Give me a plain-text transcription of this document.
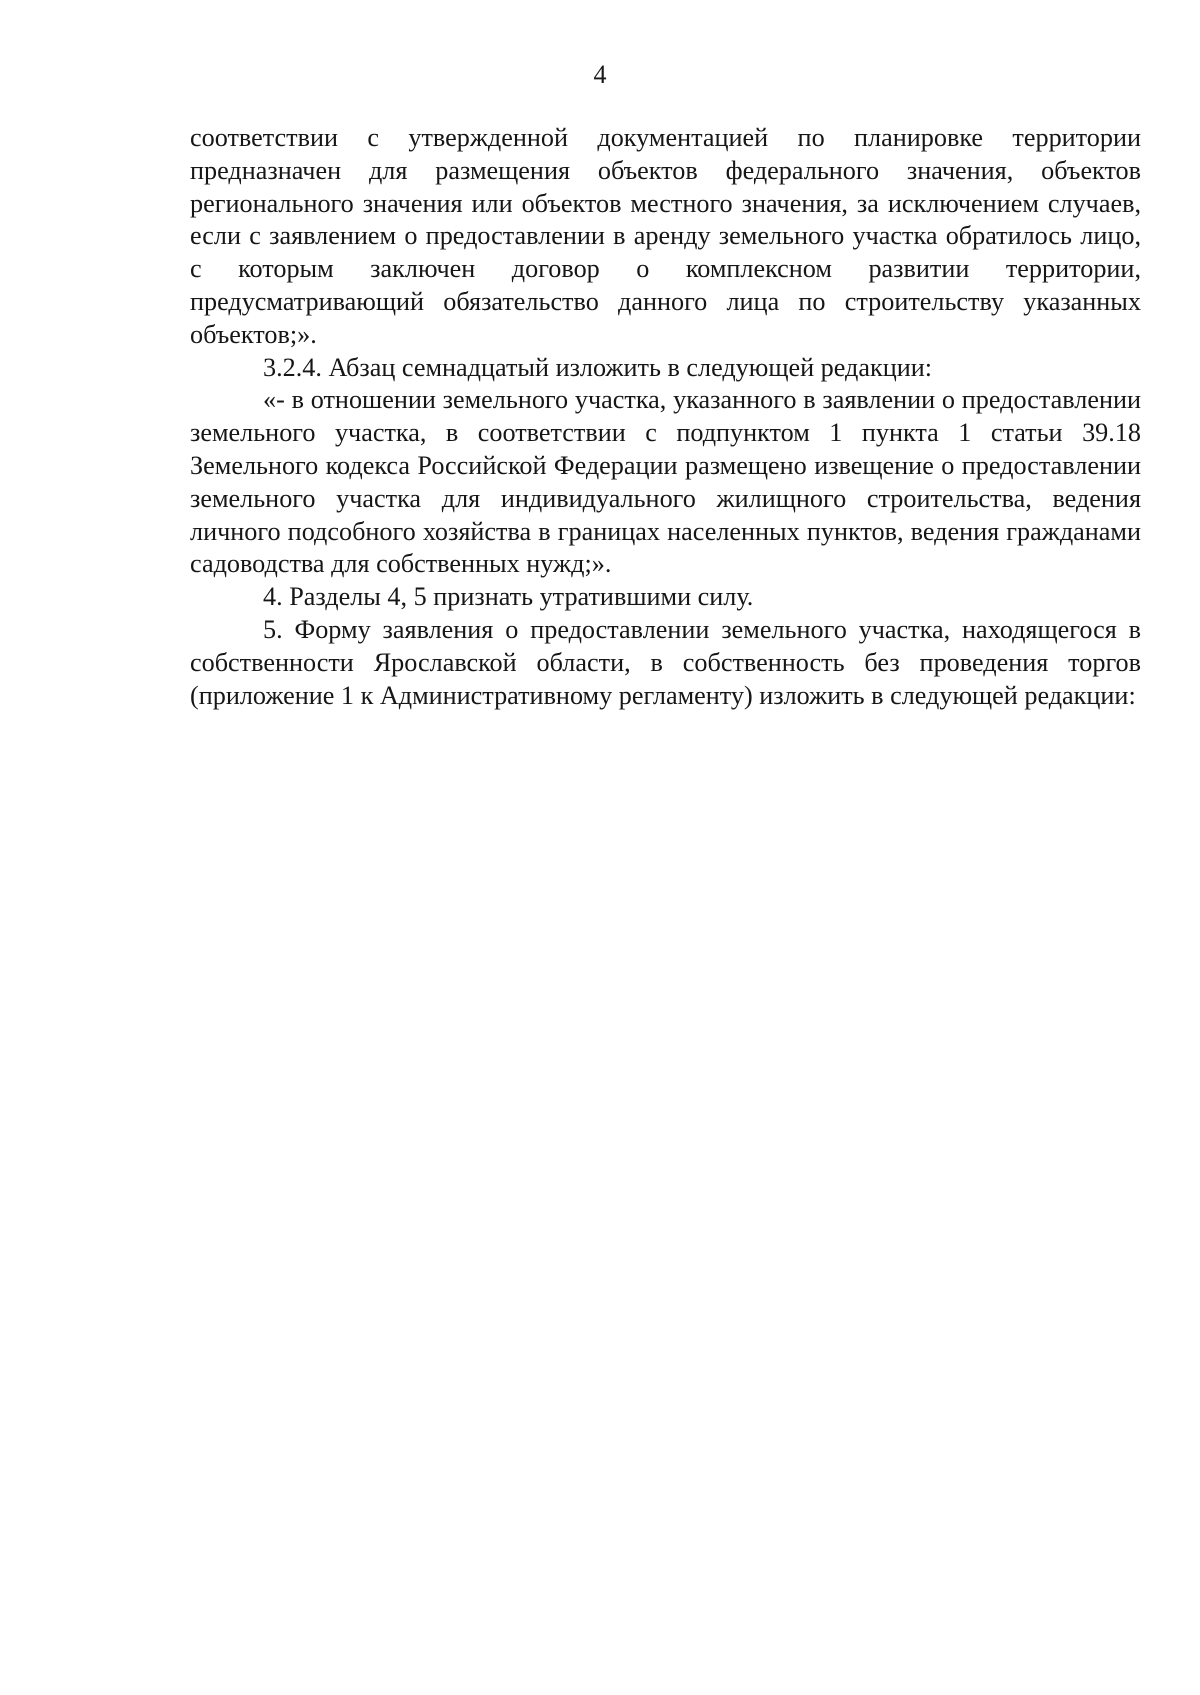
4

соответствии с утвержденной документацией по планировке территории предназначен для размещения объектов федерального значения, объектов регионального значения или объектов местного значения, за исключением случаев, если с заявлением о предоставлении в аренду земельного участка обратилось лицо, с которым заключен договор о комплексном развитии территории, предусматривающий обязательство данного лица по строительству указанных объектов;».

3.2.4. Абзац семнадцатый изложить в следующей редакции:

«- в отношении земельного участка, указанного в заявлении о предоставлении земельного участка, в соответствии с подпунктом 1 пункта 1 статьи 39.18 Земельного кодекса Российской Федерации размещено извещение о предоставлении земельного участка для индивидуального жилищного строительства, ведения личного подсобного хозяйства в границах населенных пунктов, ведения гражданами садоводства для собственных нужд;».

4. Разделы 4, 5 признать утратившими силу.

5. Форму заявления о предоставлении земельного участка, находящегося в собственности Ярославской области, в собственность без проведения торгов (приложение 1 к Административному регламенту) изложить в следующей редакции:
